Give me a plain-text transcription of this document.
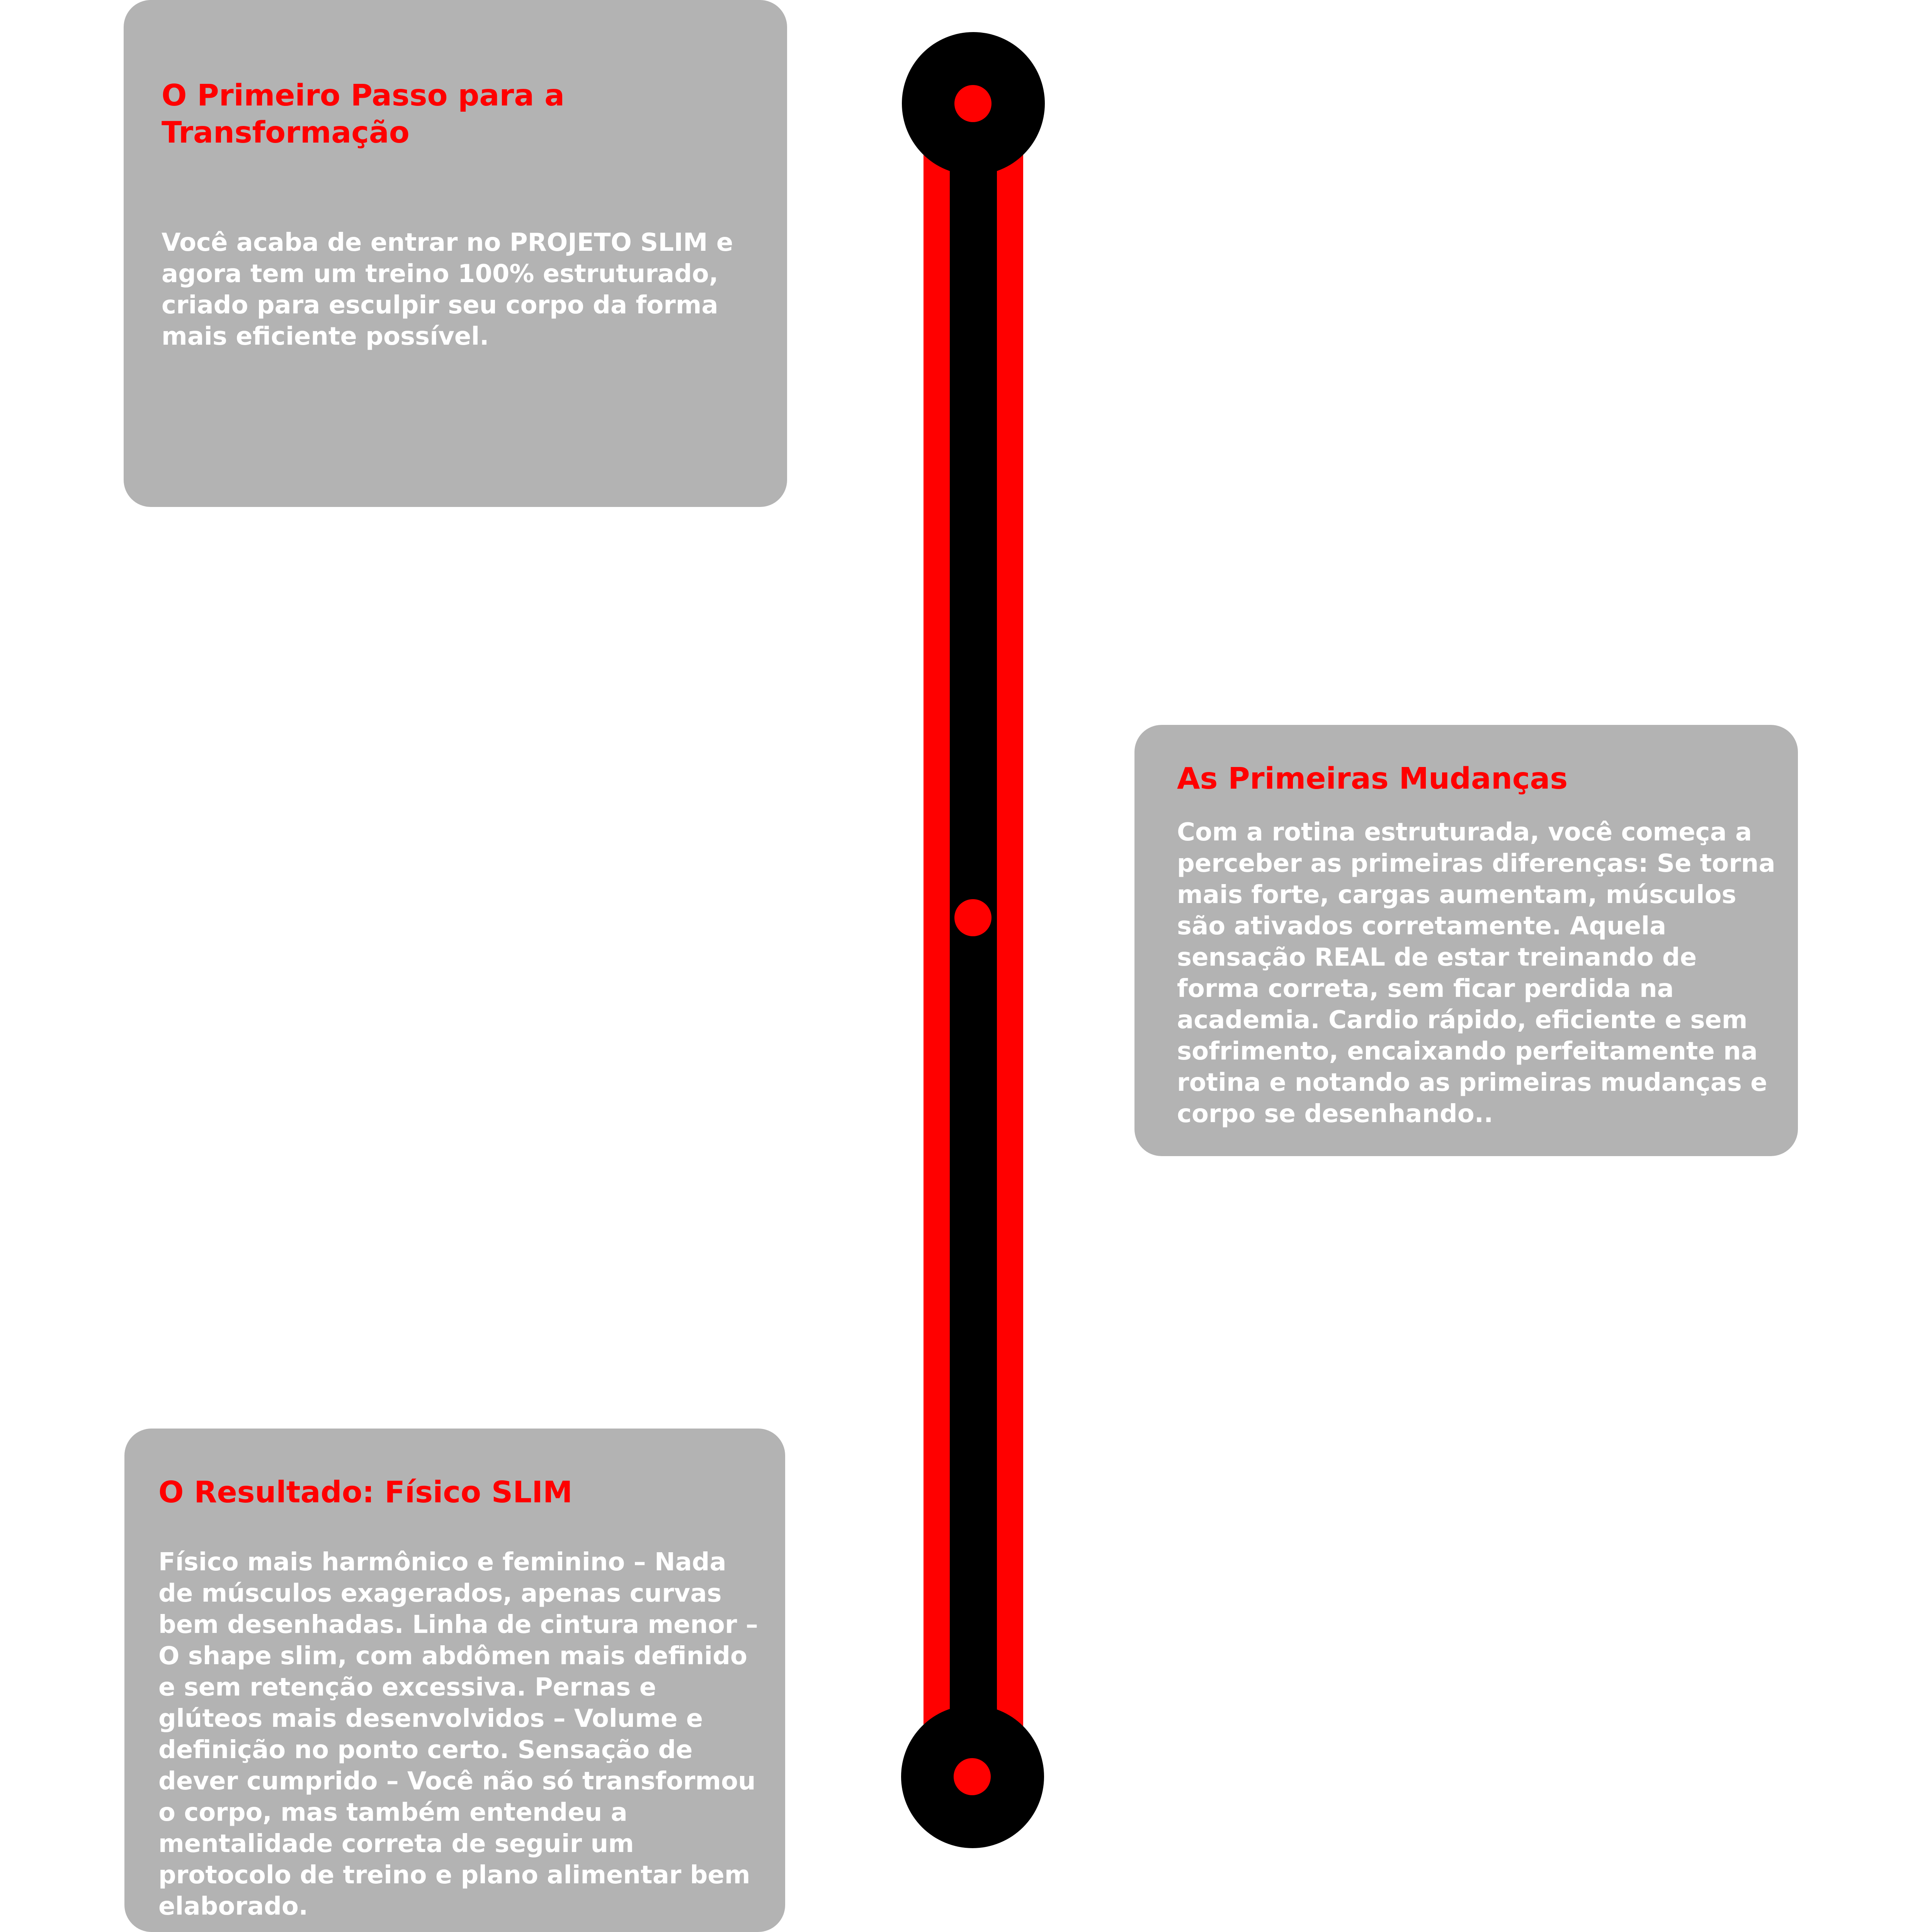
O Primeiro Passo para a Transformação

Você acaba de entrar no PROJETO SLIM e agora tem um treino 100% estruturado, criado para esculpir seu corpo da forma mais eficiente possível.

As Primeiras Mudanças

Com a rotina estruturada, você começa a perceber as primeiras diferenças: Se torna mais forte, cargas aumentam, músculos são ativados corretamente. Aquela sensação REAL de estar treinando de forma correta, sem ficar perdida na academia. Cardio rápido, eficiente e sem sofrimento, encaixando perfeitamente na rotina e notando as primeiras mudanças e corpo se desenhando..

O Resultado: Físico SLIM

Físico mais harmônico e feminino – Nada de músculos exagerados, apenas curvas bem desenhadas. Linha de cintura menor – O shape slim, com abdômen mais definido e sem retenção excessiva. Pernas e glúteos mais desenvolvidos – Volume e definição no ponto certo. Sensação de dever cumprido – Você não só transformou o corpo, mas também entendeu a mentalidade correta de seguir um protocolo de treino e plano alimentar bem elaborado.
